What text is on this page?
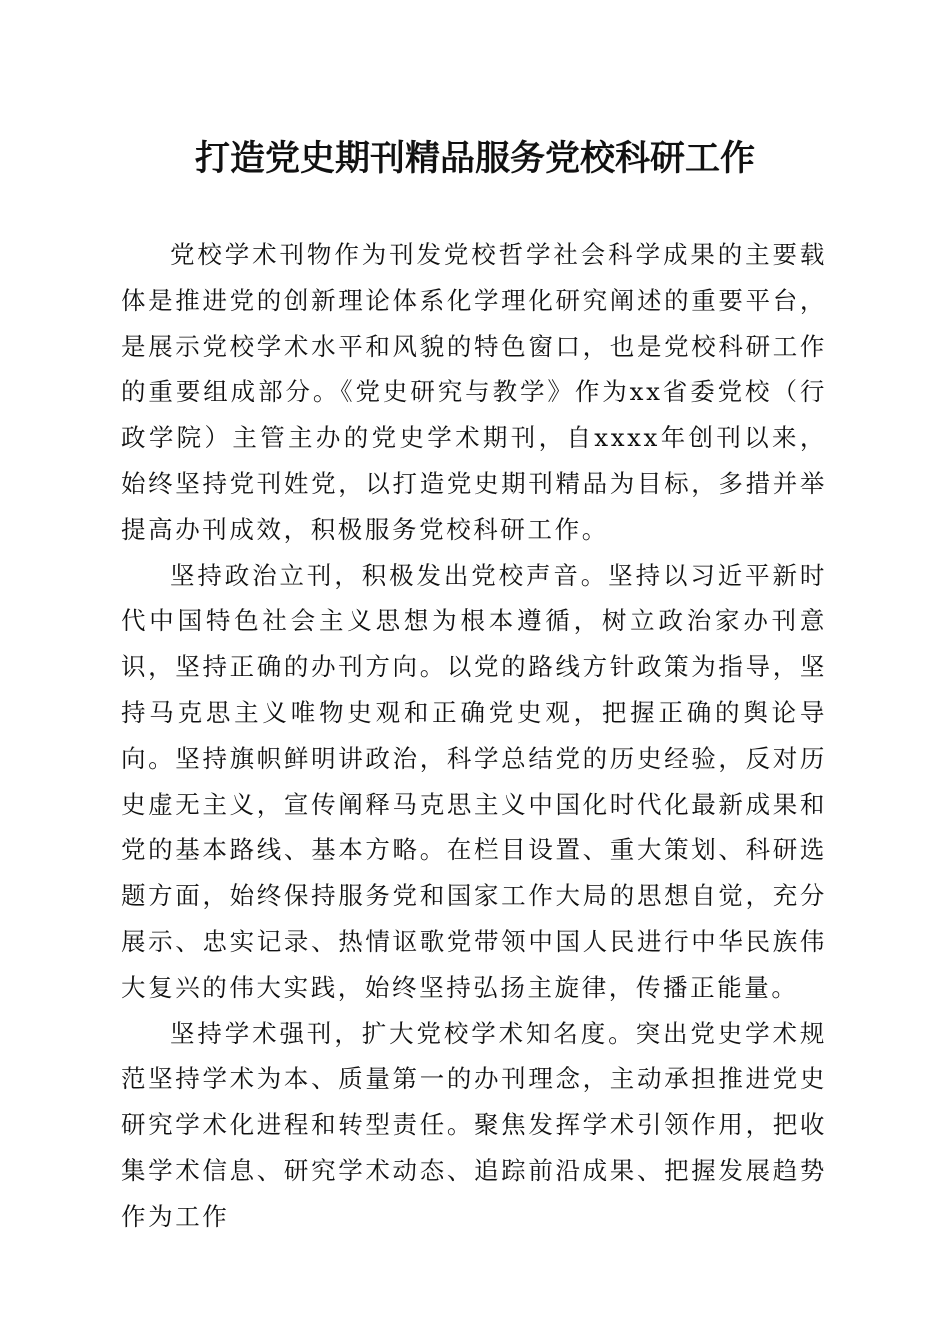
打造党史期刊精品服务党校科研工作

党校学术刊物作为刊发党校哲学社会科学成果的主要载体是推进党的创新理论体系化学理化研究阐述的重要平台，是展示党校学术水平和风貌的特色窗口，也是党校科研工作的重要组成部分。《党史研究与教学》作为xx省委党校（行政学院）主管主办的党史学术期刊，自xxxx年创刊以来，始终坚持党刊姓党，以打造党史期刊精品为目标，多措并举提高办刊成效，积极服务党校科研工作。

坚持政治立刊，积极发出党校声音。坚持以习近平新时代中国特色社会主义思想为根本遵循，树立政治家办刊意识，坚持正确的办刊方向。以党的路线方针政策为指导，坚持马克思主义唯物史观和正确党史观，把握正确的舆论导向。坚持旗帜鲜明讲政治，科学总结党的历史经验，反对历史虚无主义，宣传阐释马克思主义中国化时代化最新成果和党的基本路线、基本方略。在栏目设置、重大策划、科研选题方面，始终保持服务党和国家工作大局的思想自觉，充分展示、忠实记录、热情讴歌党带领中国人民进行中华民族伟大复兴的伟大实践，始终坚持弘扬主旋律，传播正能量。

坚持学术强刊，扩大党校学术知名度。突出党史学术规范坚持学术为本、质量第一的办刊理念，主动承担推进党史研究学术化进程和转型责任。聚焦发挥学术引领作用，把收集学术信息、研究学术动态、追踪前沿成果、把握发展趋势作为工作
